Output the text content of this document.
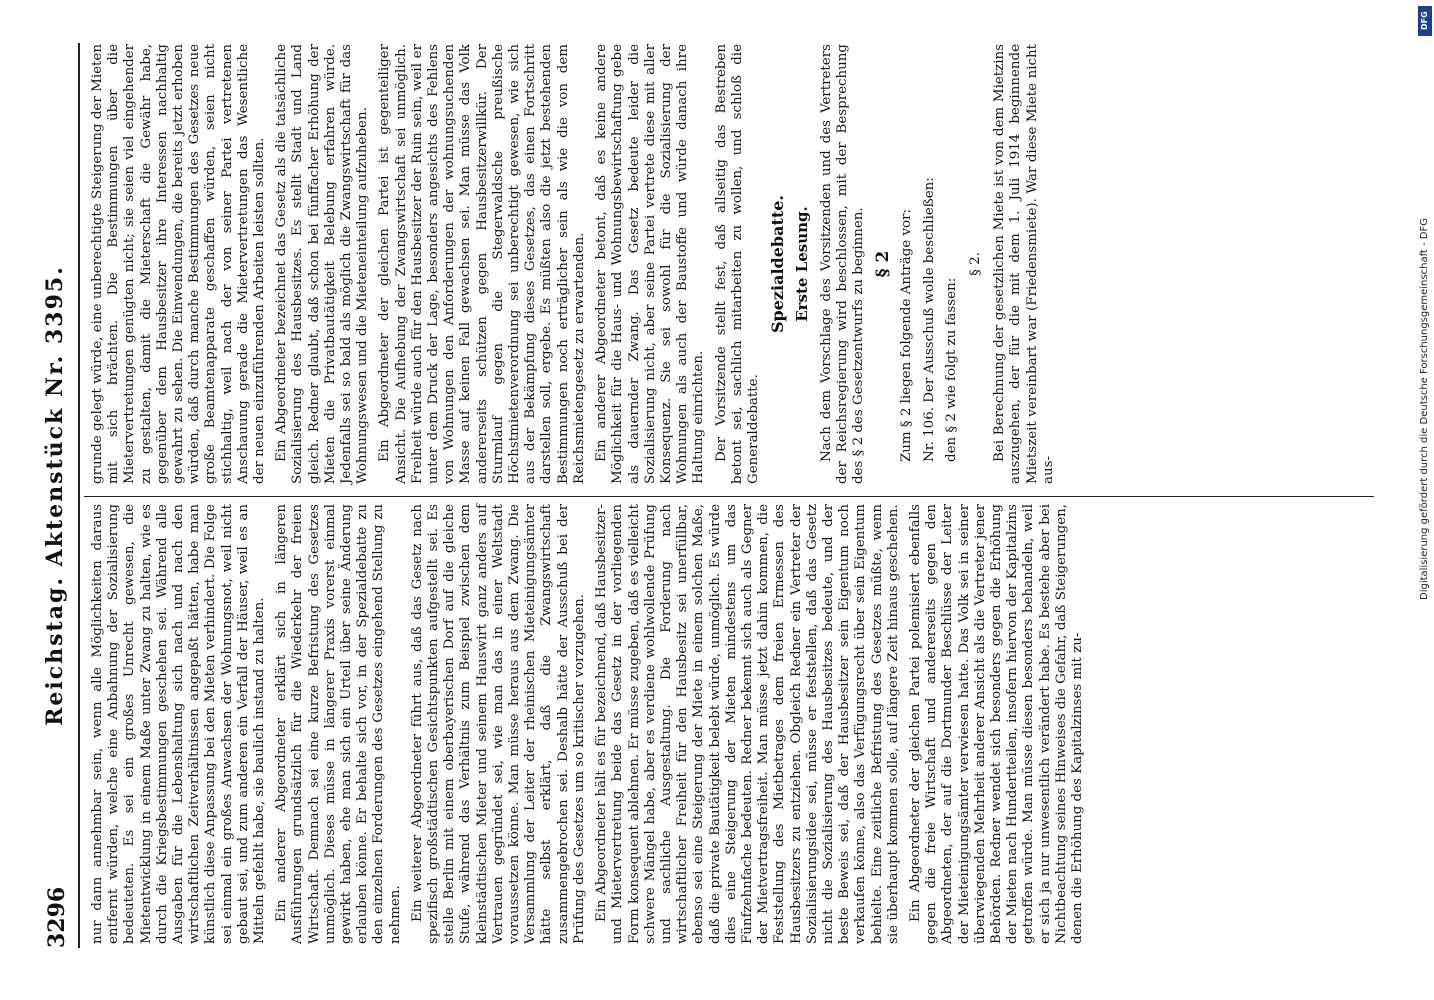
3296
Reichstag. Aktenstück Nr. 3395. nur dann annehmbar sein, wenn alle Möglichkeiten daraus entfernt würden, welche eine Anbahnung der Sozialisierung bedeuteten. Es sei ein großes Unrecht gewesen, die Mietentwicklung in einem Maße unter Zwang zu halten, wie es durch die Kriegsbestimmungen geschehen sei. Während alle Ausgaben für die Lebenshaltung sich nach und nach den wirtschaftlichen Zeitverhältnissen angepaßt hätten, habe man künstlich diese Anpassung bei den Mieten verhindert. Die Folge sei einmal ein großes Anwachsen der Wohnungsnot, weil nicht gebaut sei, und zum anderen ein Verfall der Häuser, weil es an Mitteln gefehlt habe, sie baulich instand zu halten. Ein anderer Abgeordneter erklärt sich in längeren Ausführungen grundsätzlich für die Wiederkehr der freien Wirtschaft. Demnach sei eine kurze Befristung des Gesetzes unmöglich. Dieses müsse in längerer Praxis vorerst einmal gewirkt haben, ehe man sich ein Urteil über seine Änderung erlauben könne. Er behalte sich vor, in der Spezialdebatte zu den einzelnen Forderungen des Gesetzes eingehend Stellung zu nehmen. Ein weiterer Abgeordneter führt aus, daß das Gesetz nach spezifisch großstädtischen Gesichtspunkten aufgestellt sei. Es stelle Berlin mit einem oberbayerischen Dorf auf die gleiche Stufe, während das Verhältnis zum Beispiel zwischen dem kleinstädtischen Mieter und seinem Hauswirt ganz anders auf Vertrauen gegründet sei, wie man das in einer Weltstadt voraussetzen könne. Man müsse heraus aus dem Zwang. Die Versammlung der Leiter der rheinischen Mieteinigungsämter hätte selbst erklärt, daß die Zwangswirtschaft zusammengebrochen sei. Deshalb hätte der Ausschuß bei der Prüfung des Gesetzes um so kritischer vorzugehen. Ein Abgeordneter hält es für bezeichnend, daß Hausbesitzer- und Mietervertretung beide das Gesetz in der vorliegenden Form konsequent ablehnen. Er müsse zugeben, daß es vielleicht schwere Mängel habe, aber es verdiene wohlwollende Prüfung und sachliche Ausgestaltung. Die Forderung nach wirtschaftlicher Freiheit für den Hausbesitz sei unerfüllbar, ebenso sei eine Steigerung der Miete in einem solchen Maße, daß die private Bautätigkeit belebt würde, unmöglich. Es würde dies eine Steigerung der Mieten mindestens um das Fünfzehnfache bedeuten. Redner bekennt sich auch als Gegner der Mietvertragsfreiheit. Man müsse jetzt dahin kommen, die Feststellung des Mietbetrages dem freien Ermessen des Hausbesitzers zu entziehen. Obgleich Redner ein Vertreter der Sozialisierungsidee sei, müsse er feststellen, daß das Gesetz nicht die Sozialisierung des Hausbesitzes bedeute, und der beste Beweis sei, daß der Hausbesitzer sein Eigentum noch verkaufen könne, also das Verfügungsrecht über sein Eigentum behielte. Eine zeitliche Befristung des Gesetzes müßte, wenn sie überhaupt kommen solle, auf längere Zeit hinaus geschehen. Ein Abgeordneter der gleichen Partei polemisiert ebenfalls gegen die freie Wirtschaft und andererseits gegen den Abgeordneten, der auf die Dortmunder Beschlüsse der Leiter der Mieteinigungsämter verwiesen hatte. Das Volk sei in seiner überwiegenden Mehrheit anderer Ansicht als die Vertreter jener Behörden. Redner wendet sich besonders gegen die Erhöhung der Mieten nach Hundertteilen, insofern hiervon der Kapitalzins getroffen würde. Man müsse diesen besonders behandeln, weil er sich ja nur unwesentlich verändert habe. Es bestehe aber bei Nichtbeachtung seines Hinweises die Gefahr, daß Steigerungen, denen die Erhöhung des Kapitalzinses mit zu-

grunde gelegt würde, eine unberechtigte Steigerung der Mieten mit sich brächten. Die Bestimmungen über die Mietervertretungen genügten nicht; sie seien viel eingehender zu gestalten, damit die Mieterschaft die Gewähr habe, gegenüber dem Hausbesitzer ihre Interessen nachhaltig gewahrt zu sehen. Die Einwendungen, die bereits jetzt erhoben würden, daß durch manche Bestimmungen des Gesetzes neue große Beamtenapparate geschaffen würden, seien nicht stichhaltig, weil nach der von seiner Partei vertretenen Anschauung gerade die Mietervertretungen das Wesentliche der neuen einzuführenden Arbeiten leisten sollten. Ein Abgeordneter bezeichnet das Gesetz als die tatsächliche Sozialisierung des Hausbesitzes. Es stellt Stadt und Land gleich. Redner glaubt, daß schon bei fünffacher Erhöhung der Mieten die Privatbautätigkeit Belebung erfahren würde. Jedenfalls sei so bald als möglich die Zwangswirtschaft für das Wohnungswesen und die Mieteneinteilung aufzuheben. Ein Abgeordneter der gleichen Partei ist gegenteiliger Ansicht. Die Aufhebung der Zwangswirtschaft sei unmöglich. Freiheit würde auch für den Hausbesitzer der Ruin sein, weil er unter dem Druck der Lage, besonders angesichts des Fehlens von Wohnungen den Anforderungen der wohnungsuchenden Masse auf keinen Fall gewachsen sei. Man müsse das Volk andererseits schützen gegen Hausbesitzerwillkür. Der Sturmlauf gegen die Stegerwaldsche preußische Höchstmietenverordnung sei unberechtigt gewesen, wie sich aus der Bekämpfung dieses Gesetzes, das einen Fortschritt darstellen soll, ergebe. Es müßten also die jetzt bestehenden Bestimmungen noch erträglicher sein als wie die von dem Reichsmietengesetz zu erwartenden. Ein anderer Abgeordneter betont, daß es keine andere Möglichkeit für die Haus- und Wohnungsbewirtschaftung gebe als dauernder Zwang. Das Gesetz bedeute leider die Sozialisierung nicht, aber seine Partei vertrete diese mit aller Konsequenz. Sie sei sowohl für die Sozialisierung der Wohnungen als auch der Baustoffe und würde danach ihre Haltung einrichten. Der Vorsitzende stellt fest, daß allseitig das Bestreben betont sei, sachlich mitarbeiten zu wollen, und schloß die Generaldebatte.

Spezialdebatte. Erste Lesung. Nach dem Vorschlage des Vorsitzenden und des Vertreters der Reichsregierung wird beschlossen, mit der Besprechung des § 2 des Gesetzentwurfs zu beginnen. § 2 Zum § 2 liegen folgende Anträge vor: Nr. 106. Der Ausschuß wolle beschließen: den § 2 wie folgt zu fassen:

§ 2. Bei Berechnung der gesetzlichen Miete ist von dem Mietzins auszugehen, der für die mit dem 1. Juli 1914 beginnende Mietszeit vereinbart war (Friedensmiete). War diese Miete nicht aus-

DFG
Digitalisierung gefördert durch die Deutsche Forschungsgemeinschaft - DFG
